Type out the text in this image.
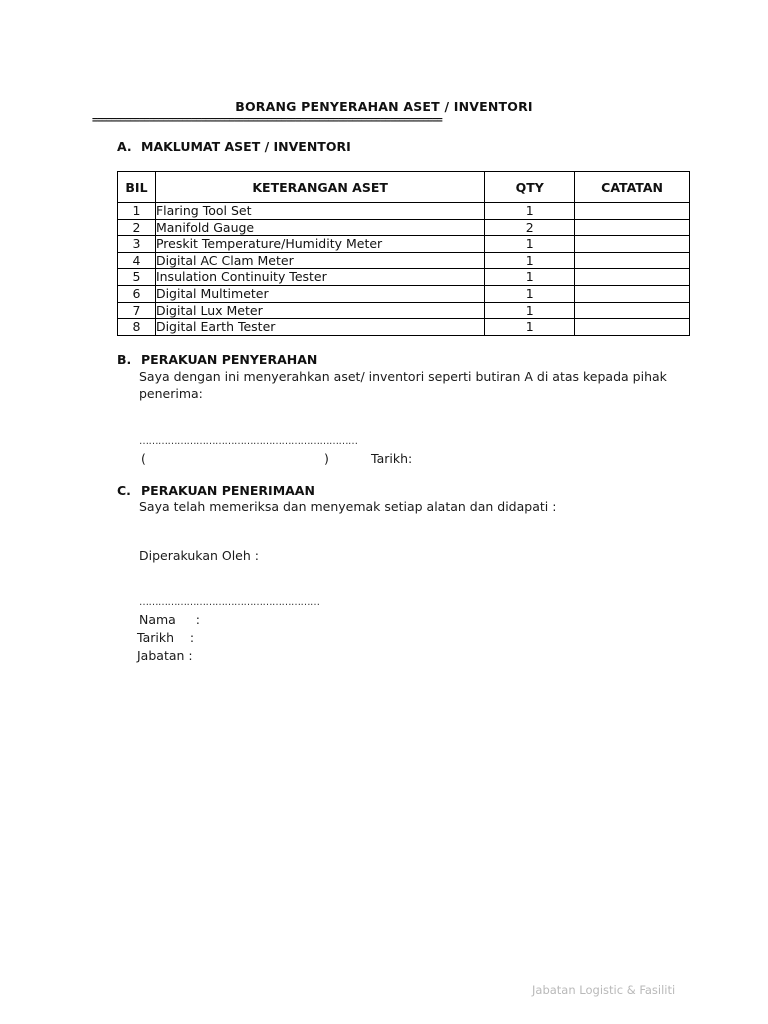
BORANG PENYERAHAN ASET / INVENTORI
==========================================================================
A. MAKLUMAT ASET / INVENTORI
BIL	KETERANGAN ASET	QTY	CATATAN
1	Flaring Tool Set	1	
2	Manifold Gauge	2	
3	Preskit Temperature/Humidity Meter	1	
4	Digital AC Clam Meter	1	
5	Insulation Continuity Tester	1	
6	Digital Multimeter	1	
7	Digital Lux Meter	1	
8	Digital Earth Tester	1	
B. PERAKUAN PENYERAHAN
Saya dengan ini menyerahkan aset/ inventori seperti butiran A di atas kepada pihak
penerima:
……………………………………………………………
(	)	Tarikh:
C. PERAKUAN PENERIMAAN
Saya telah memeriksa dan menyemak setiap alatan dan didapati :
Diperakukan Oleh :
…………………………………………………
Nama     :
Tarikh    :
Jabatan :
Jabatan Logistic & Fasiliti
